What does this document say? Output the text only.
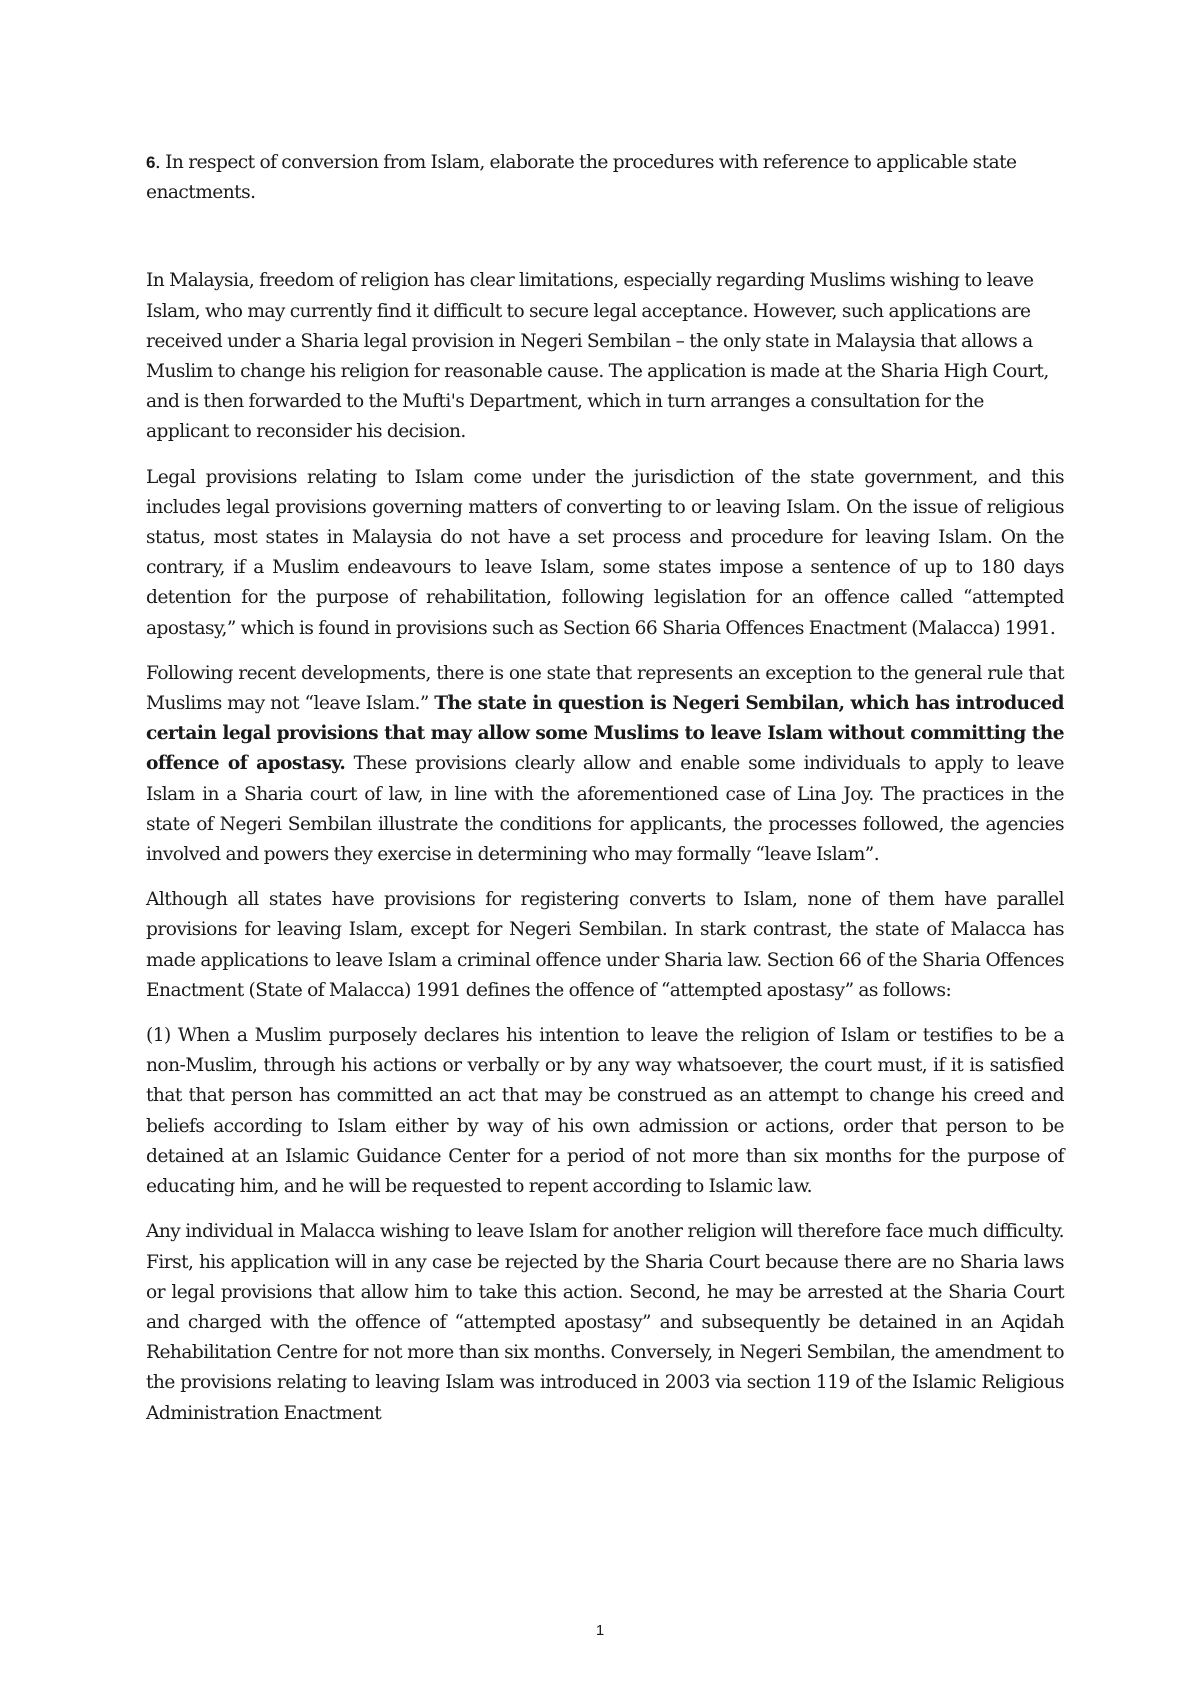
6. In respect of conversion from Islam, elaborate the procedures with reference to applicable state enactments.

In Malaysia, freedom of religion has clear limitations, especially regarding Muslims wishing to leave Islam, who may currently find it difficult to secure legal acceptance. However, such applications are received under a Sharia legal provision in Negeri Sembilan – the only state in Malaysia that allows a Muslim to change his religion for reasonable cause. The application is made at the Sharia High Court, and is then forwarded to the Mufti's Department, which in turn arranges a consultation for the applicant to reconsider his decision.

Legal provisions relating to Islam come under the jurisdiction of the state government, and this includes legal provisions governing matters of converting to or leaving Islam. On the issue of religious status, most states in Malaysia do not have a set process and procedure for leaving Islam. On the contrary, if a Muslim endeavours to leave Islam, some states impose a sentence of up to 180 days detention for the purpose of rehabilitation, following legislation for an offence called “attempted apostasy,” which is found in provisions such as Section 66 Sharia Offences Enactment (Malacca) 1991.

Following recent developments, there is one state that represents an exception to the general rule that Muslims may not “leave Islam.” The state in question is Negeri Sembilan, which has introduced certain legal provisions that may allow some Muslims to leave Islam without committing the offence of apostasy. These provisions clearly allow and enable some individuals to apply to leave Islam in a Sharia court of law, in line with the aforementioned case of Lina Joy. The practices in the state of Negeri Sembilan illustrate the conditions for applicants, the processes followed, the agencies involved and powers they exercise in determining who may formally “leave Islam”.

Although all states have provisions for registering converts to Islam, none of them have parallel provisions for leaving Islam, except for Negeri Sembilan. In stark contrast, the state of Malacca has made applications to leave Islam a criminal offence under Sharia law. Section 66 of the Sharia Offences Enactment (State of Malacca) 1991 defines the offence of “attempted apostasy” as follows:

(1) When a Muslim purposely declares his intention to leave the religion of Islam or testifies to be a non-Muslim, through his actions or verbally or by any way whatsoever, the court must, if it is satisfied that that person has committed an act that may be construed as an attempt to change his creed and beliefs according to Islam either by way of his own admission or actions, order that person to be detained at an Islamic Guidance Center for a period of not more than six months for the purpose of educating him, and he will be requested to repent according to Islamic law.

Any individual in Malacca wishing to leave Islam for another religion will therefore face much difficulty. First, his application will in any case be rejected by the Sharia Court because there are no Sharia laws or legal provisions that allow him to take this action. Second, he may be arrested at the Sharia Court and charged with the offence of “attempted apostasy” and subsequently be detained in an Aqidah Rehabilitation Centre for not more than six months. Conversely, in Negeri Sembilan, the amendment to the provisions relating to leaving Islam was introduced in 2003 via section 119 of the Islamic Religious Administration Enactment

1
